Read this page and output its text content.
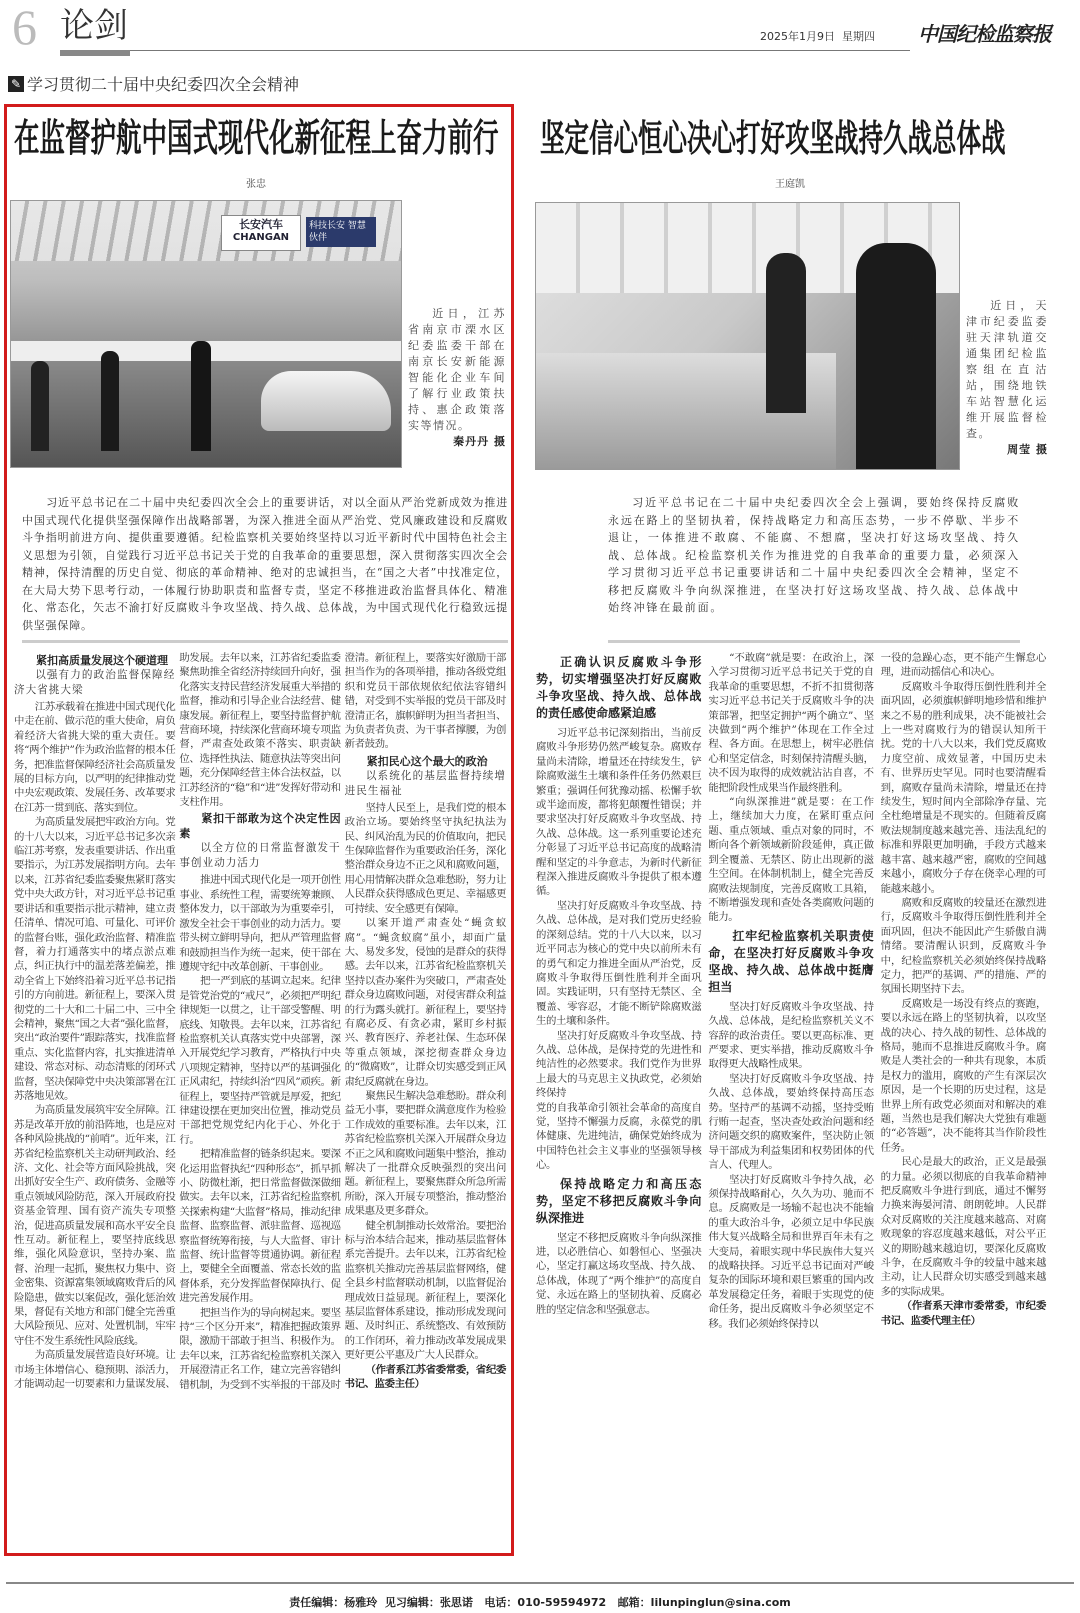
6 论剑	2025年1月9日 星期四 中国纪检监察报
✎ 学习贯彻二十届中央纪委四次全会精神
在监督护航中国式现代化新征程上奋力前行
张忠
长安汽车
CHANGAN
科技长安 智慧伙伴

近日，江苏省南京市溧水区纪委监委干部在南京长安新能源智能化企业车间了解行业政策扶持、惠企政策落实等情况。

秦丹丹 摄

习近平总书记在二十届中央纪委四次全会上的重要讲话，对以全面从严治党新成效为推进中国式现代化提供坚强保障作出战略部署，为深入推进全面从严治党、党风廉政建设和反腐败斗争指明前进方向、提供重要遵循。纪检监察机关要始终坚持以习近平新时代中国特色社会主义思想为引领，自觉践行习近平总书记关于党的自我革命的重要思想，深入贯彻落实四次全会精神，保持清醒的历史自觉、彻底的革命精神、绝对的忠诚担当，在“国之大者”中找准定位，在大局大势下思考行动，一体履行协助职责和监督专责，坚定不移推进政治监督具体化、精准化、常态化，矢志不渝打好反腐败斗争攻坚战、持久战、总体战，为中国式现代化行稳致远提供坚强保障。
紧扣高质量发展这个硬道理
以强有力的政治监督保障经济大省挑大梁

江苏承载着在推进中国式现代化中走在前、做示范的重大使命，肩负着经济大省挑大梁的重大责任。要将“两个维护”作为政治监督的根本任务，把准监督保障经济社会高质量发展的目标方向，以严明的纪律推动党中央宏观政策、发展任务、改革要求在江苏一贯到底、落实到位。

为高质量发展把牢政治方向。党的十八大以来，习近平总书记多次亲临江苏考察，发表重要讲话、作出重要指示，为江苏发展指明方向。去年以来，江苏省纪委监委聚焦紧盯落实党中央大政方针，对习近平总书记重要讲话和重要指示批示精神，建立责任清单、情况可追、可量化、可评价的监督台账，强化政治监督、精准监督，着力打通落实中的堵点淤点难点，纠正执行中的温差落差偏差，推动全省上下始终沿着习近平总书记指引的方向前进。新征程上，要深入贯彻党的二十大和二十届二中、三中全会精神，聚焦“国之大者”强化监督，突出“政治要件”跟踪落实，找准监督重点、实化监督内容，扎实推进清单建设、常态对标、动态清账的闭环式监督，坚决保障党中央决策部署在江苏落地见效。

为高质量发展筑牢安全屏障。江苏是改革开放的前沿阵地，也是应对各种风险挑战的“前哨”。近年来，江苏省纪检监察机关主动研判政治、经济、文化、社会等方面风险挑战，突出抓好安全生产、政府债务、金融等重点领域风险防范，深入开展政府投资基金管理、国有资产流失专项整治，促进高质量发展和高水平安全良性互动。新征程上，要坚持底线思维，强化风险意识，坚持办案、监督、治理一起抓，聚焦权力集中、资金密集、资源富集领域腐败背后的风险隐患，做实以案促改，强化惩治效果，督促有关地方和部门健全完善重大风险预见、应对、处置机制，牢牢守住不发生系统性风险底线。

为高质量发展营造良好环境。让市场主体增信心、稳预期、添活力，才能调动起一切要素和力量谋发展、助发展。去年以来，江苏省纪委监委聚焦助推全省经济持续回升向好，强化落实支持民营经济发展重大举措的监督，推动和引导企业合法经营、健康发展。新征程上，要坚持监督护航营商环境，持续深化营商环境专项监督，严肃查处政策不落实、职责缺位、选择性执法、随意执法等突出问题，充分保障经营主体合法权益，以江苏经济的“稳”和“进”发挥好带动和支柱作用。

紧扣干部敢为这个决定性因素
以全方位的日常监督激发干事创业动力活力

推进中国式现代化是一项开创性事业、系统性工程，需要统筹兼顾、整体发力，以干部敢为为重要牵引，激发全社会干事创业的动力活力。要带头树立鲜明导向，把从严管理监督和鼓励担当作为统一起来，使干部在遵规守纪中改革创新、干事创业。

把一严到底的基调立起来。纪律是管党治党的“戒尺”，必须把严明纪律规矩一以贯之，让干部受警醒、明底线、知敬畏。去年以来，江苏省纪检监察机关认真落实党中央部署，深入开展党纪学习教育，严格执行中央八项规定精神，坚持以严的基调强化正风肃纪，持续纠治“四风”顽疾。新征程上，要坚持严管就是厚爱，把纪律建设摆在更加突出位置，推动党员干部把党规党纪内化于心、外化于行。

把精准监督的链条织起来。要深化运用监督执纪“四种形态”，抓早抓小、防微杜渐，把日常监督做深做细做实。去年以来，江苏省纪检监察机关探索构建“大监督”格局，推动纪律监督、监察监督、派驻监督、巡视巡察监督统筹衔接，与人大监督、审计监督、统计监督等贯通协调。新征程上，要健全全面覆盖、常态长效的监督体系，充分发挥监督保障执行、促进完善发展作用。

把担当作为的导向树起来。要坚持“三个区分开来”，精准把握政策界限，激励干部敢于担当、积极作为。去年以来，江苏省纪检监察机关深入开展澄清正名工作，建立完善容错纠错机制，为受到不实举报的干部及时澄清。新征程上，要落实好激励干部担当作为的各项举措，推动各级党组织和党员干部依规依纪依法容错纠错，对受到不实举报的党员干部及时澄清正名，旗帜鲜明为担当者担当、为负责者负责、为干事者撑腰，为创新者鼓劲。

紧扣民心这个最大的政治
以系统化的基层监督持续增进民生福祉

坚持人民至上，是我们党的根本政治立场。要始终坚守执纪执法为民、纠风治乱为民的价值取向，把民生保障监督作为重要政治任务，深化整治群众身边不正之风和腐败问题，用心用情解决群众急难愁盼，努力让人民群众获得感成色更足、幸福感更可持续、安全感更有保障。

以案开道严肃查处“蝇贪蚁腐”。“蝇贪蚁腐”虽小，却面广量大、易发多发，侵蚀的是群众的获得感。去年以来，江苏省纪检监察机关坚持以查办案件为突破口，严肃查处群众身边腐败问题，对侵害群众利益的行为露头就打。新征程上，要坚持有腐必反、有贪必肃，紧盯乡村振兴、教育医疗、养老社保、生态环保等重点领域，深挖彻查群众身边的“微腐败”，让群众切实感受到正风肃纪反腐就在身边。

聚焦民生解决急难愁盼。群众利益无小事，要把群众满意度作为检验工作成效的重要标准。去年以来，江苏省纪检监察机关深入开展群众身边不正之风和腐败问题集中整治，推动解决了一批群众反映强烈的突出问题。新征程上，要聚焦群众所急所需所盼，深入开展专项整治，推动整治成果惠及更多群众。

健全机制推动长效常治。要把治标与治本结合起来，推动基层监督体系完善提升。去年以来，江苏省纪检监察机关推动完善基层监督网络，健全县乡村监督联动机制，以监督促治理成效日益显现。新征程上，要深化基层监督体系建设，推动形成发现问题、及时纠正、系统整改、有效预防的工作闭环，着力推动改革发展成果更好更公平惠及广大人民群众。

（作者系江苏省委常委，省纪委书记、监委主任）

坚定信心恒心决心打好攻坚战持久战总体战
王庭凯

近日，天津市纪委监委驻天津轨道交通集团纪检监察组在直沽站，围绕地铁车站智慧化运维开展监督检查。

周莹 摄

习近平总书记在二十届中央纪委四次全会上强调，要始终保持反腐败永远在路上的坚韧执着，保持战略定力和高压态势，一步不停歇、半步不退让，一体推进不敢腐、不能腐、不想腐，坚决打好这场攻坚战、持久战、总体战。纪检监察机关作为推进党的自我革命的重要力量，必须深入学习贯彻习近平总书记重要讲话和二十届中央纪委四次全会精神，坚定不移把反腐败斗争向纵深推进，在坚决打好这场攻坚战、持久战、总体战中始终冲锋在最前面。
正确认识反腐败斗争形势，切实增强坚决打好反腐败斗争攻坚战、持久战、总体战的责任感使命感紧迫感

习近平总书记深刻指出，当前反腐败斗争形势仍然严峻复杂。腐败存量尚未清除，增量还在持续发生，铲除腐败滋生土壤和条件任务仍然艰巨繁重；强调任何犹豫动摇、松懈手软或半途而废，都将犯颠覆性错误；并要求坚决打好反腐败斗争攻坚战、持久战、总体战。这一系列重要论述充分彰显了习近平总书记高度的战略清醒和坚定的斗争意志，为新时代新征程深入推进反腐败斗争提供了根本遵循。

坚决打好反腐败斗争攻坚战、持久战、总体战，是对我们党历史经验的深刻总结。党的十八大以来，以习近平同志为核心的党中央以前所未有的勇气和定力推进全面从严治党，反腐败斗争取得压倒性胜利并全面巩固。实践证明，只有坚持无禁区、全覆盖、零容忍，才能不断铲除腐败滋生的土壤和条件。

坚决打好反腐败斗争攻坚战、持久战、总体战，是保持党的先进性和纯洁性的必然要求。我们党作为世界上最大的马克思主义执政党，必须始终保持

党的自我革命引领社会革命的高度自觉，坚持不懈强力反腐，永葆党的肌体健康、先进纯洁，确保党始终成为中国特色社会主义事业的坚强领导核心。

保持战略定力和高压态势，坚定不移把反腐败斗争向纵深推进

坚定不移把反腐败斗争向纵深推进，以必胜信心、如磐恒心、坚强决心，坚定打赢这场攻坚战、持久战、总体战，体现了“两个维护”的高度自觉、永远在路上的坚韧执着、反腐必胜的坚定信念和坚强意志。

“不敢腐”就是要：在政治上，深入学习贯彻习近平总书记关于党的自我革命的重要思想，不折不扣贯彻落实习近平总书记关于反腐败斗争的决策部署，把坚定拥护“两个确立”、坚决做到“两个维护”体现在工作全过程、各方面。在思想上，树牢必胜信心和坚定信念，时刻保持清醒头脑，决不因为取得的成效就沾沾自喜，不能把阶段性成果当作最终胜利。

“向纵深推进”就是要：在工作上，继续加大力度，在紧盯重点问题、重点领域、重点对象的同时，不断向各个新领域新阶段延伸，真正做到全覆盖、无禁区、防止出现新的滋生空间。在体制机制上，健全完善反腐败法规制度，完善反腐败工具箱，不断增强发现和查处各类腐败问题的能力。

扛牢纪检监察机关职责使命，在坚决打好反腐败斗争攻坚战、持久战、总体战中挺膺担当

坚决打好反腐败斗争攻坚战、持久战、总体战，是纪检监察机关义不容辞的政治责任。要以更高标准、更严要求、更实举措，推动反腐败斗争取得更大战略性成果。

坚决打好反腐败斗争攻坚战、持久战、总体战，要始终保持高压态势。坚持严的基调不动摇，坚持受贿行贿一起查，坚决查处政治问题和经济问题交织的腐败案件，坚决防止领导干部成为利益集团和权势团体的代言人、代理人。

坚决打好反腐败斗争持久战，必须保持战略耐心，久久为功、驰而不息。反腐败是一场输不起也决不能输的重大政治斗争，必须立足中华民族伟大复兴战略全局和世界百年未有之大变局，着眼实现中华民族伟大复兴的战略抉择。习近平总书记面对严峻复杂的国际环境和艰巨繁重的国内改革发展稳定任务，着眼于实现党的使命任务，提出反腐败斗争必须坚定不移。我们必须始终保持以

一役的急躁心态，更不能产生懈怠心理，进而动摇信心和决心。

反腐败斗争取得压倒性胜利并全面巩固，必须旗帜鲜明地珍惜和维护来之不易的胜利成果，决不能被社会上一些对腐败行为的错误认知所干扰。党的十八大以来，我们党反腐败力度空前、成效显著，中国历史未有、世界历史罕见。同时也要清醒看到，腐败存量尚未清除，增量还在持续发生，短时间内全部除净存量、完全杜绝增量是不现实的。但随着反腐败法规制度越来越完善、违法乱纪的标准和界限更加明确，手段方式越来越丰富、越来越严密，腐败的空间越来越小，腐败分子存在侥幸心理的可能越来越小。

腐败和反腐败的较量还在激烈进行，反腐败斗争取得压倒性胜利并全面巩固，但决不能因此产生骄傲自满情绪。要清醒认识到，反腐败斗争中，纪检监察机关必须始终保持战略定力，把严的基调、严的措施、严的氛围长期坚持下去。

反腐败是一场没有终点的赛跑，要以永远在路上的坚韧执着，以攻坚战的决心、持久战的韧性、总体战的格局，驰而不息推进反腐败斗争。腐败是人类社会的一种共有现象，本质是权力的滥用，腐败的产生有深层次原因，是一个长期的历史过程，这是世界上所有政党必须面对和解决的难题，当然也是我们解决大党独有难题的“必答题”，决不能将其当作阶段性任务。

民心是最大的政治，正义是最强的力量。必须以彻底的自我革命精神把反腐败斗争进行到底，通过不懈努力换来海晏河清、朗朗乾坤。人民群众对反腐败的关注度越来越高、对腐败现象的容忍度越来越低，对公平正义的期盼越来越迫切，要深化反腐败斗争，在反腐败斗争的较量中越来越主动，让人民群众切实感受到越来越多的实际成果。

（作者系天津市委常委，市纪委书记、监委代理主任）

责任编辑：杨雅玲 见习编辑：张思诺 电话：010-59594972 邮箱：lilunpinglun@sina.com
